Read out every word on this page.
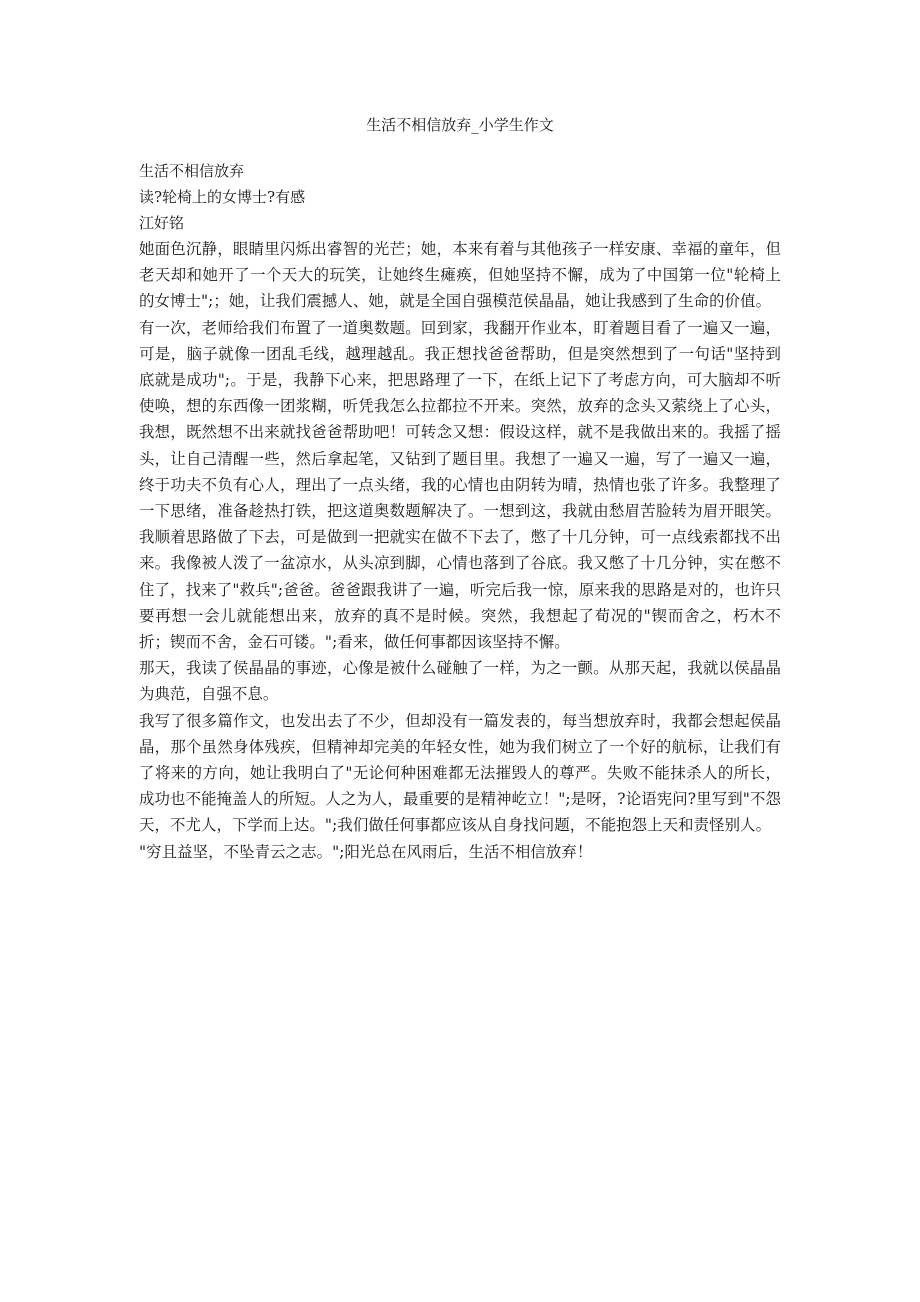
生活不相信放弃_小学生作文
生活不相信放弃
读?轮椅上的女博士?有感
江好铭

她面色沉静，眼睛里闪烁出睿智的光芒；她，本来有着与其他孩子一样安康、幸福的童年，但老天却和她开了一个天大的玩笑，让她终生瘫痪，但她坚持不懈，成为了中国第一位"轮椅上的女博士";；她，让我们震撼人、她，就是全国自强模范侯晶晶，她让我感到了生命的价值。

有一次，老师给我们布置了一道奥数题。回到家，我翻开作业本，盯着题目看了一遍又一遍，可是，脑子就像一团乱毛线，越理越乱。我正想找爸爸帮助，但是突然想到了一句话"坚持到底就是成功";。于是，我静下心来，把思路理了一下，在纸上记下了考虑方向，可大脑却不听使唤，想的东西像一团浆糊，听凭我怎么拉都拉不开来。突然，放弃的念头又萦绕上了心头，我想，既然想不出来就找爸爸帮助吧！可转念又想：假设这样，就不是我做出来的。我摇了摇头，让自己清醒一些，然后拿起笔，又钻到了题目里。我想了一遍又一遍，写了一遍又一遍，终于功夫不负有心人，理出了一点头绪，我的心情也由阴转为晴，热情也张了许多。我整理了一下思绪，准备趁热打铁，把这道奥数题解决了。一想到这，我就由愁眉苦脸转为眉开眼笑。我顺着思路做了下去，可是做到一把就实在做不下去了，憋了十几分钟，可一点线索都找不出来。我像被人泼了一盆凉水，从头凉到脚，心情也落到了谷底。我又憋了十几分钟，实在憋不住了，找来了"救兵";爸爸。爸爸跟我讲了一遍，听完后我一惊，原来我的思路是对的，也许只要再想一会儿就能想出来，放弃的真不是时候。突然，我想起了荀况的"锲而舍之，朽木不折；锲而不舍，金石可镂。";看来，做任何事都因该坚持不懈。

那天，我读了侯晶晶的事迹，心像是被什么碰触了一样，为之一颤。从那天起，我就以侯晶晶为典范，自强不息。

我写了很多篇作文，也发出去了不少，但却没有一篇发表的，每当想放弃时，我都会想起侯晶晶，那个虽然身体残疾，但精神却完美的年轻女性，她为我们树立了一个好的航标，让我们有了将来的方向，她让我明白了"无论何种困难都无法摧毁人的尊严。失败不能抹杀人的所长，成功也不能掩盖人的所短。人之为人，最重要的是精神屹立！";是呀，?论语宪问?里写到"不怨天，不尤人，下学而上达。";我们做任何事都应该从自身找问题，不能抱怨上天和责怪别人。

"穷且益坚，不坠青云之志。";阳光总在风雨后，生活不相信放弃！
